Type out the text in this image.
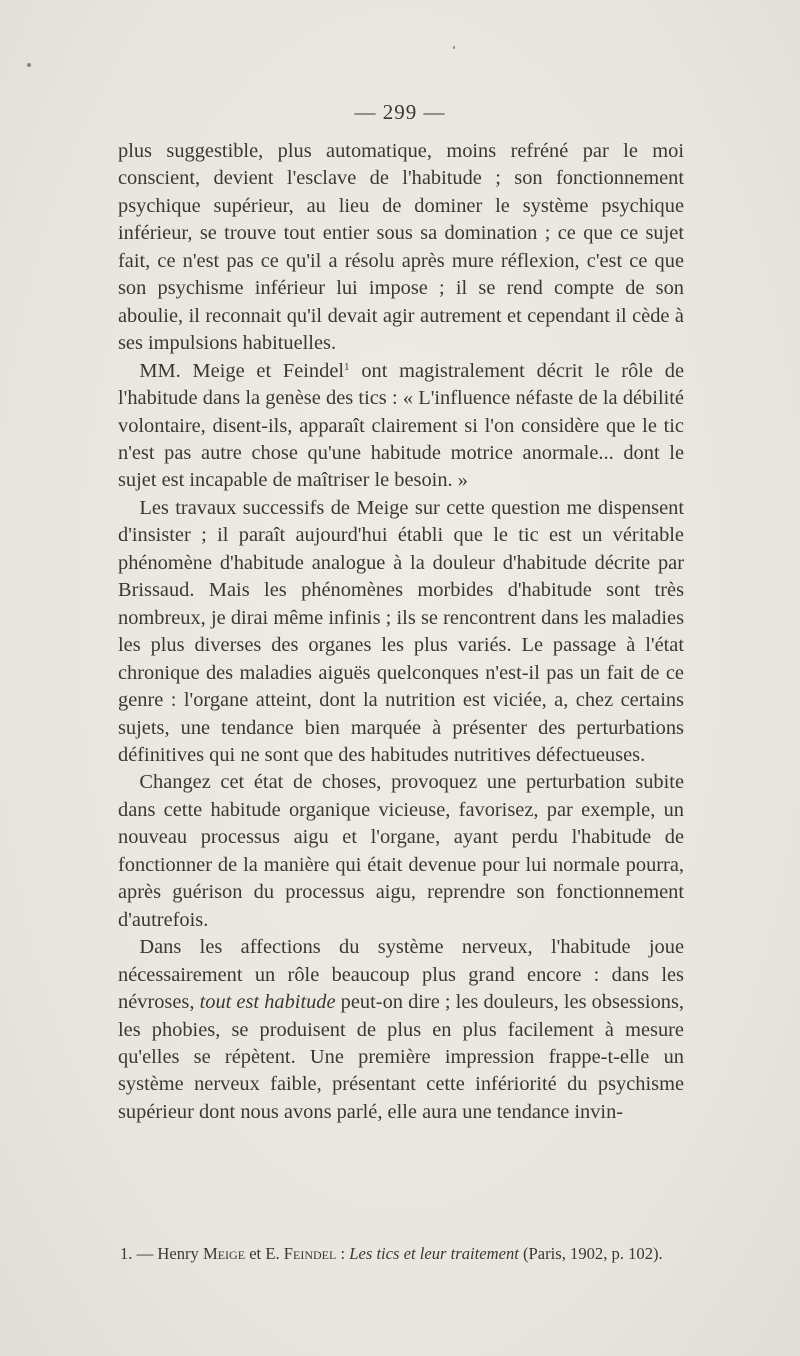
— 299 —

plus suggestible, plus automatique, moins refréné par le moi conscient, devient l'esclave de l'habitude ; son fonctionnement psychique supérieur, au lieu de dominer le système psychique inférieur, se trouve tout entier sous sa domination ; ce que ce sujet fait, ce n'est pas ce qu'il a résolu après mure réflexion, c'est ce que son psychisme inférieur lui impose ; il se rend compte de son aboulie, il reconnait qu'il devait agir autrement et cependant il cède à ses impulsions habituelles.

MM. Meige et Feindel$^1$ ont magistralement décrit le rôle de l'habitude dans la genèse des tics : « L'influence néfaste de la débilité volontaire, disent-ils, apparaît clairement si l'on considère que le tic n'est pas autre chose qu'une habitude motrice anormale... dont le sujet est incapable de maîtriser le besoin. »

Les travaux successifs de Meige sur cette question me dispensent d'insister ; il paraît aujourd'hui établi que le tic est un véritable phénomène d'habitude analogue à la douleur d'habitude décrite par Brissaud. Mais les phénomènes morbides d'habitude sont très nombreux, je dirai même infinis ; ils se rencontrent dans les maladies les plus diverses des organes les plus variés. Le passage à l'état chronique des maladies aiguës quelconques n'est-il pas un fait de ce genre : l'organe atteint, dont la nutrition est viciée, a, chez certains sujets, une tendance bien marquée à présenter des perturbations définitives qui ne sont que des habitudes nutritives défectueuses.

Changez cet état de choses, provoquez une perturbation subite dans cette habitude organique vicieuse, favorisez, par exemple, un nouveau processus aigu et l'organe, ayant perdu l'habitude de fonctionner de la manière qui était devenue pour lui normale pourra, après guérison du processus aigu, reprendre son fonctionnement d'autrefois.

Dans les affections du système nerveux, l'habitude joue nécessairement un rôle beaucoup plus grand encore : dans les névroses, tout est habitude peut-on dire ; les douleurs, les obsessions, les phobies, se produisent de plus en plus facilement à mesure qu'elles se répètent. Une première impression frappe-t-elle un système nerveux faible, présentant cette infériorité du psychisme supérieur dont nous avons parlé, elle aura une tendance invin-

1. — Henry Meige et E. Feindel : Les tics et leur traitement (Paris, 1902, p. 102).
